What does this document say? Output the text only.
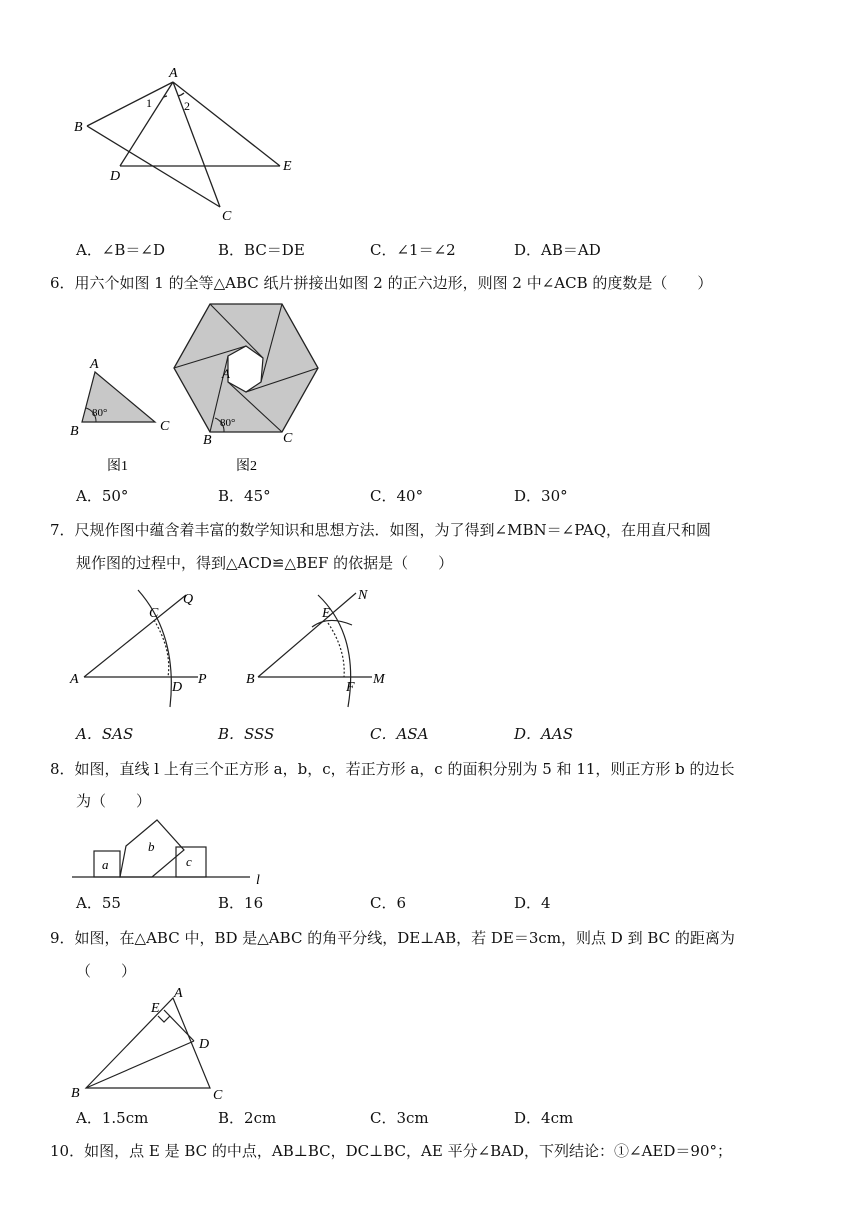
A
B
D
E
C
1	2
A．∠B＝∠D	B．BC＝DE	C．∠1＝∠2	D．AB＝AD
6．用六个如图 1 的全等△ABC 纸片拼接出如图 2 的正六边形，则图 2 中∠ACB 的度数是（　　）
A
B	C
80°
图1
A
B	C
80°
图2
A．50°	B．45°	C．40°	D．30°
7．尺规作图中蕴含着丰富的数学知识和思想方法．如图，为了得到∠MBN＝∠PAQ，在用直尺和圆
规作图的过程中，得到△ACD≌△BEF 的依据是（　　）
A
C
Q
D
P	B
E
N
F
M
A．SAS	B．SSS	C．ASA	D．AAS
8．如图，直线 l 上有三个正方形 a，b，c，若正方形 a，c 的面积分别为 5 和 11，则正方形 b 的边长
为（　　）
a
b
c
l
A．55	B．16	C．6	D．4
9．如图，在△ABC 中，BD 是△ABC 的角平分线，DE⊥AB，若 DE＝3cm，则点 D 到 BC 的距离为
（　　）
A
E
D
B	C
A．1.5cm	B．2cm	C．3cm	D．4cm
10．如图，点 E 是 BC 的中点，AB⊥BC，DC⊥BC，AE 平分∠BAD，下列结论：①∠AED＝90°；
